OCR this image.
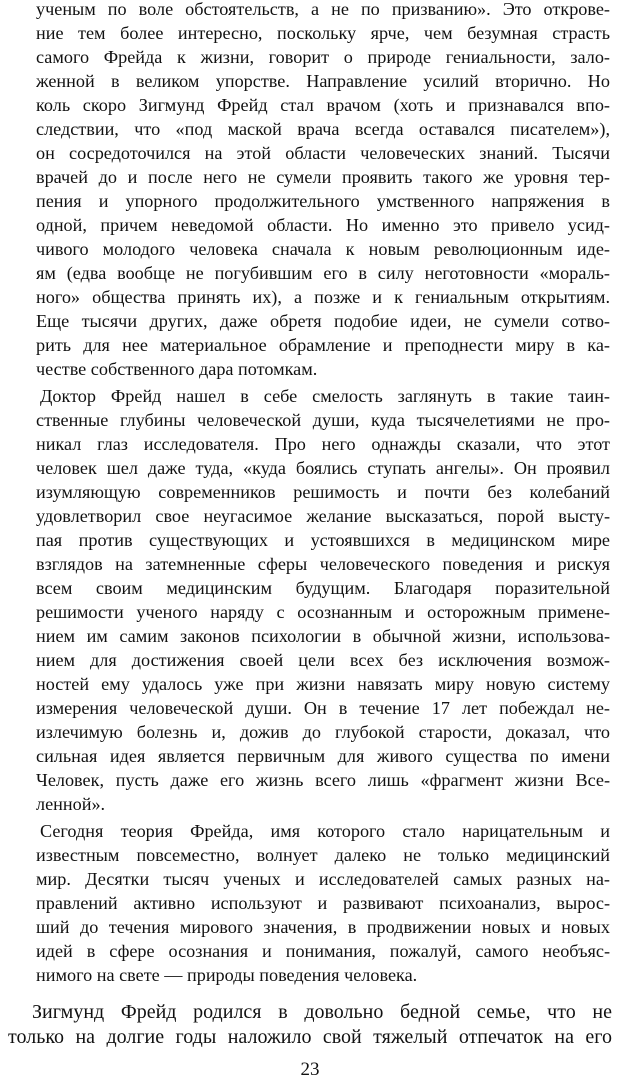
ученым по воле обстоятельств, а не по призванию». Это открове-
ние тем более интересно, поскольку ярче, чем безумная страсть
самого Фрейда к жизни, говорит о природе гениальности, зало-
женной в великом упорстве. Направление усилий вторично. Но
коль скоро Зигмунд Фрейд стал врачом (хоть и признавался впо-
следствии, что «под маской врача всегда оставался писателем»),
он сосредоточился на этой области человеческих знаний. Тысячи
врачей до и после него не сумели проявить такого же уровня тер-
пения и упорного продолжительного умственного напряжения в
одной, причем неведомой области. Но именно это привело усид-
чивого молодого человека сначала к новым революционным иде-
ям (едва вообще не погубившим его в силу неготовности «мораль-
ного» общества принять их), а позже и к гениальным открытиям.
Еще тысячи других, даже обретя подобие идеи, не сумели сотво-
рить для нее материальное обрамление и преподнести миру в ка-
честве собственного дара потомкам.
Доктор Фрейд нашел в себе смелость заглянуть в такие таин-
ственные глубины человеческой души, куда тысячелетиями не про-
никал глаз исследователя. Про него однажды сказали, что этот
человек шел даже туда, «куда боялись ступать ангелы». Он проявил
изумляющую современников решимость и почти без колебаний
удовлетворил свое неугасимое желание высказаться, порой высту-
пая против существующих и устоявшихся в медицинском мире
взглядов на затемненные сферы человеческого поведения и рискуя
всем своим медицинским будущим. Благодаря поразительной
решимости ученого наряду с осознанным и осторожным примене-
нием им самим законов психологии в обычной жизни, использова-
нием для достижения своей цели всех без исключения возмож-
ностей ему удалось уже при жизни навязать миру новую систему
измерения человеческой души. Он в течение 17 лет побеждал не-
излечимую болезнь и, дожив до глубокой старости, доказал, что
сильная идея является первичным для живого существа по имени
Человек, пусть даже его жизнь всего лишь «фрагмент жизни Все-
ленной».
Сегодня теория Фрейда, имя которого стало нарицательным и
известным повсеместно, волнует далеко не только медицинский
мир. Десятки тысяч ученых и исследователей самых разных на-
правлений активно используют и развивают психоанализ, вырос-
ший до течения мирового значения, в продвижении новых и новых
идей в сфере осознания и понимания, пожалуй, самого необъяс-
нимого на свете — природы поведения человека.
Зигмунд Фрейд родился в довольно бедной семье, что не
только на долгие годы наложило свой тяжелый отпечаток на его
23
